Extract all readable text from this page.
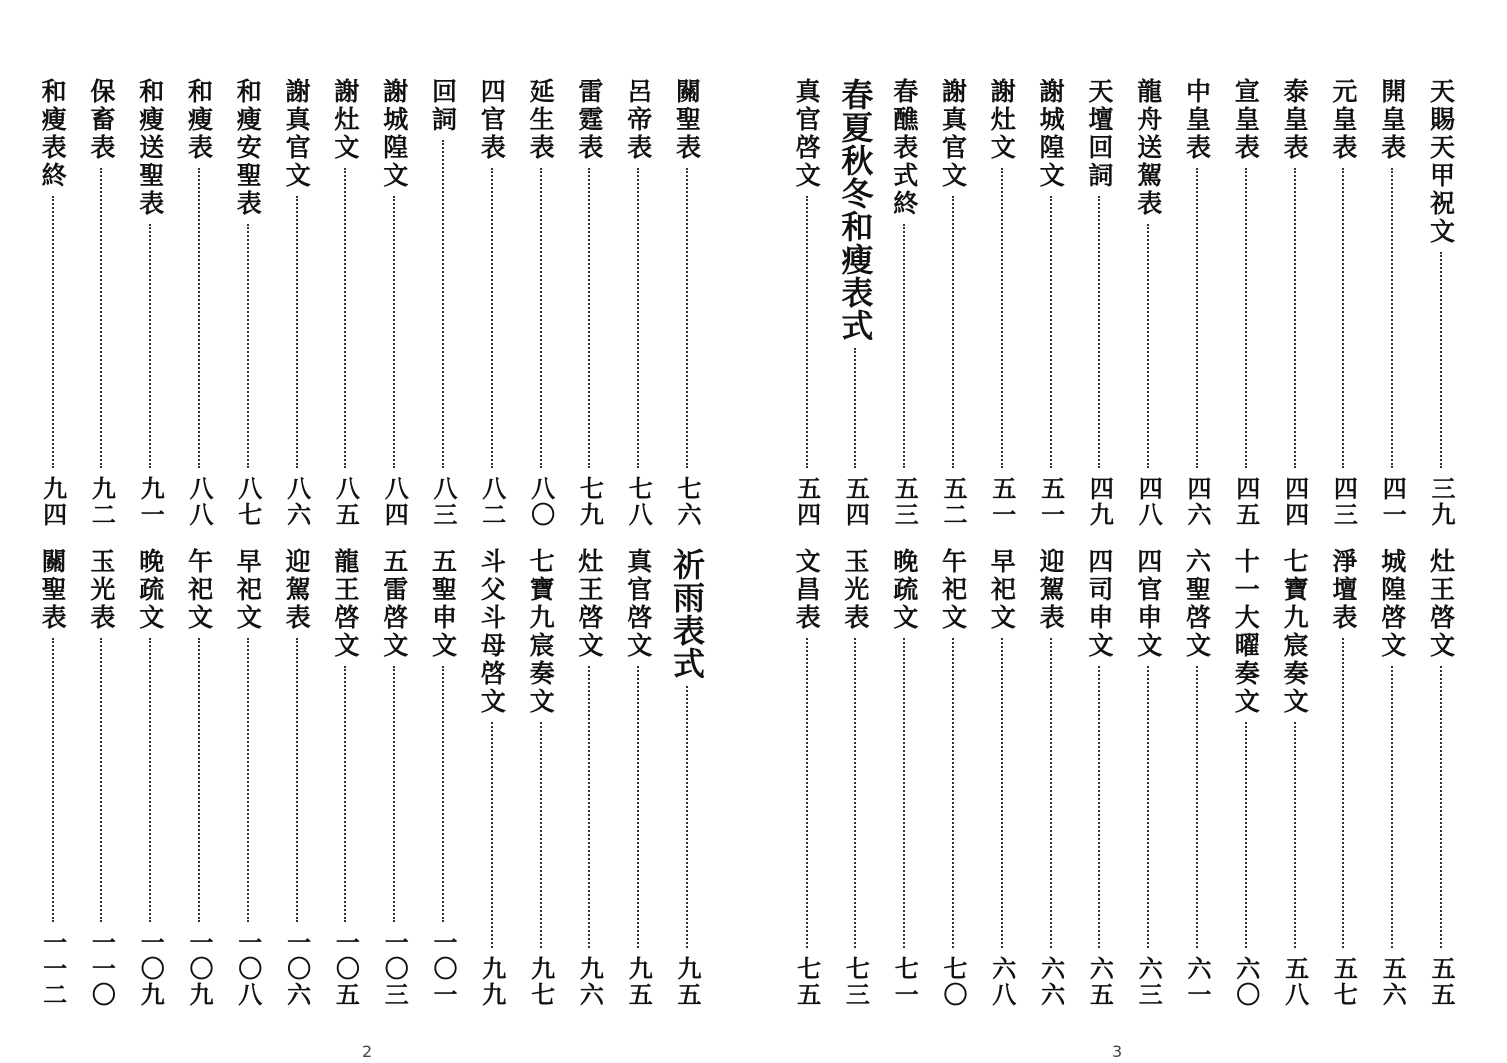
關聖表
七六
呂帝表
七八
雷霆表
七九
延生表
八〇
四官表
八二
回詞
八三
謝城隍文
八四
謝灶文
八五
謝真官文
八六
和瘦安聖表
八七
和瘦表
八八
和瘦送聖表
九一
保畜表
九二
和瘦表終
九四
祈雨表式
九五
真官啓文
九五
灶王啓文
九六
七寶九宸奏文
九七
斗父斗母啓文
九九
五聖申文
一〇一
五雷啓文
一〇三
龍王啓文
一〇五
迎駕表
一〇六
早祀文
一〇八
午祀文
一〇九
晚疏文
一〇九
玉光表
一一〇
關聖表
一一二
2
天賜天甲祝文
三九
開皇表
四一
元皇表
四三
泰皇表
四四
宣皇表
四五
中皇表
四六
龍舟送駕表
四八
天壇回詞
四九
謝城隍文
五一
謝灶文
五一
謝真官文
五二
春醮表式終
五三
春夏秋冬和瘦表式
五四
真官啓文
五四
灶王啓文
五五
城隍啓文
五六
淨壇表
五七
七寶九宸奏文
五八
十一大曜奏文
六〇
六聖啓文
六一
四官申文
六三
四司申文
六五
迎駕表
六六
早祀文
六八
午祀文
七〇
晚疏文
七一
玉光表
七三
文昌表
七五
3
